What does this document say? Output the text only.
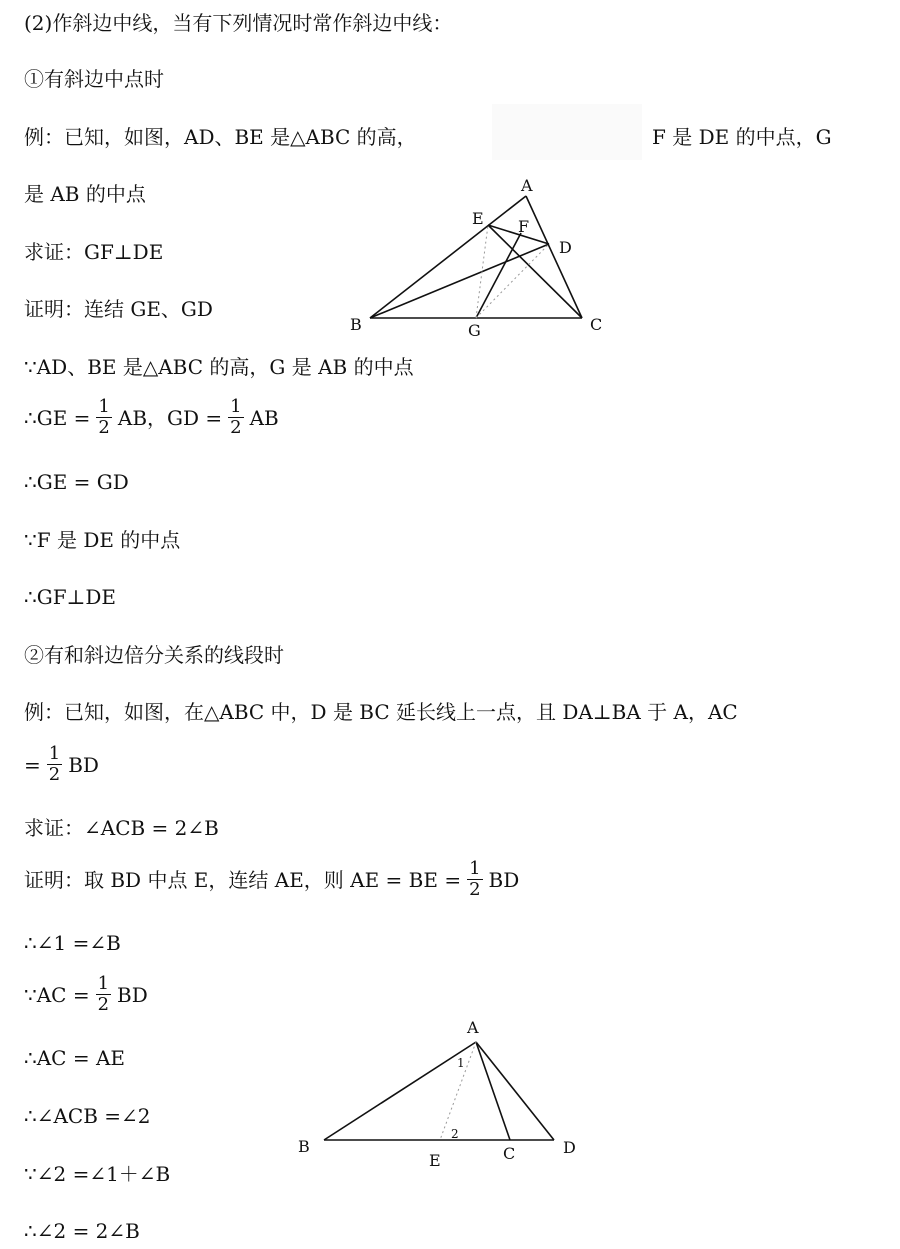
(2)作斜边中线，当有下列情况时常作斜边中线：
①有斜边中点时
例：已知，如图，AD、BE 是△ABC 的高，	F 是 DE 的中点，G
是 AB 的中点
求证：GF⊥DE
证明：连结 GE、GD
∵AD、BE 是△ABC 的高，G 是 AB 的中点
∴GE = $\frac{1}{2}$ AB，GD = $\frac{1}{2}$ AB
∴GE = GD
∵F 是 DE 的中点
∴GF⊥DE
②有和斜边倍分关系的线段时
例：已知，如图，在△ABC 中，D 是 BC 延长线上一点，且 DA⊥BA 于 A，AC
= $\frac{1}{2}$ BD
求证：∠ACB = 2∠B
证明：取 BD 中点 E，连结 AE，则 AE = BE = $\frac{1}{2}$ BD
∴∠1 =∠B
∵AC = $\frac{1}{2}$ BD
∴AC = AE
∴∠ACB =∠2
∵∠2 =∠1＋∠B
∴∠2 = 2∠B
A
B	C
D
E F
G
A
B	C	D
E
1
2
